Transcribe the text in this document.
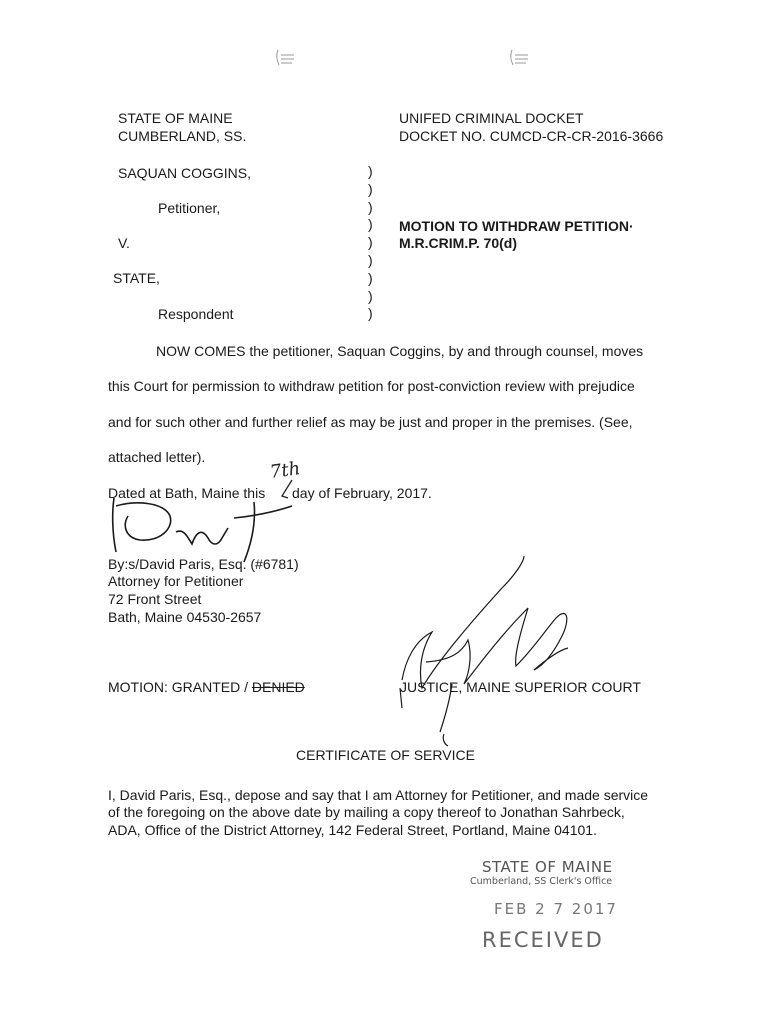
STATE OF MAINE
CUMBERLAND, SS.
UNIFED CRIMINAL DOCKET
DOCKET NO. CUMCD-CR-CR-2016-3666
SAQUAN COGGINS,
Petitioner,
V.
STATE,
Respondent
)
)
)
)
)
)
)
)
)
MOTION TO WITHDRAW PETITION·
M.R.CRIM.P. 70(d)
NOW COMES the petitioner, Saquan Coggins, by and through counsel, moves
this Court for permission to withdraw petition for post-conviction review with prejudice
and for such other and further relief as may be just and proper in the premises. (See,
attached letter).
Dated at Bath, Maine this day of February, 2017.
7th
By:s/David Paris, Esq. (#6781)
Attorney for Petitioner
72 Front Street
Bath, Maine 04530-2657
MOTION: GRANTED / DENIED	JUSTICE, MAINE SUPERIOR COURT
CERTIFICATE OF SERVICE
I, David Paris, Esq., depose and say that I am Attorney for Petitioner, and made service
of the foregoing on the above date by mailing a copy thereof to Jonathan Sahrbeck,
ADA, Office of the District Attorney, 142 Federal Street, Portland, Maine 04101.
STATE OF MAINE
Cumberland, SS Clerk's Office
FEB 2 7 2017
RECEIVED
